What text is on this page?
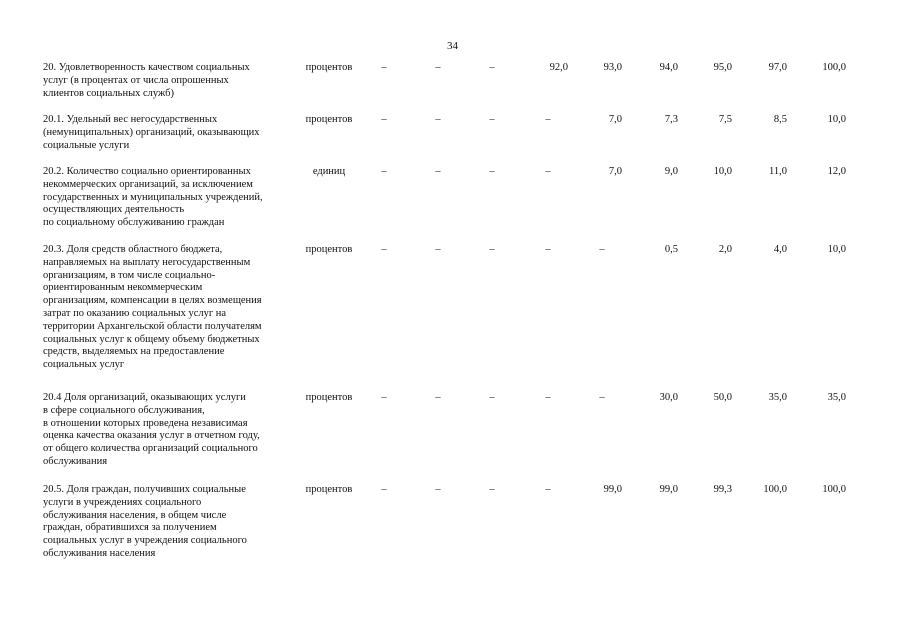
34
20. Удовлетворенность качеством социальных
услуг (в процентах от числа опрошенных
клиентов социальных служб)
процентов	–	–	–	92,0	93,0	94,0	95,0	97,0	100,0
20.1. Удельный вес негосударственных
(немуниципальных) организаций, оказывающих
социальные услуги
процентов	–	–	–	–	7,0	7,3	7,5	8,5	10,0
20.2. Количество социально ориентированных
некоммерческих организаций, за исключением
государственных и муниципальных учреждений,
осуществляющих деятельность
по социальному обслуживанию граждан
единиц	–	–	–	–	7,0	9,0	10,0	11,0	12,0
20.3. Доля средств областного бюджета,
направляемых на выплату негосударственным
организациям, в том числе социально-
ориентированным некоммерческим
организациям, компенсации в целях возмещения
затрат по оказанию социальных услуг на
территории Архангельской области получателям
социальных услуг к общему объему бюджетных
средств, выделяемых на предоставление
социальных услуг
процентов	–	–	–	–	–	0,5	2,0	4,0	10,0
20.4 Доля организаций, оказывающих услуги
в сфере социального обслуживания,
в отношении которых проведена независимая
оценка качества оказания услуг в отчетном году,
от общего количества организаций социального
обслуживания
процентов	–	–	–	–	–	30,0	50,0	35,0	35,0
20.5. Доля граждан, получивших социальные
услуги в учреждениях социального
обслуживания населения, в общем числе
граждан, обратившихся за получением
социальных услуг в учреждения социального
обслуживания населения
процентов	–	–	–	–	99,0	99,0	99,3	100,0	100,0
